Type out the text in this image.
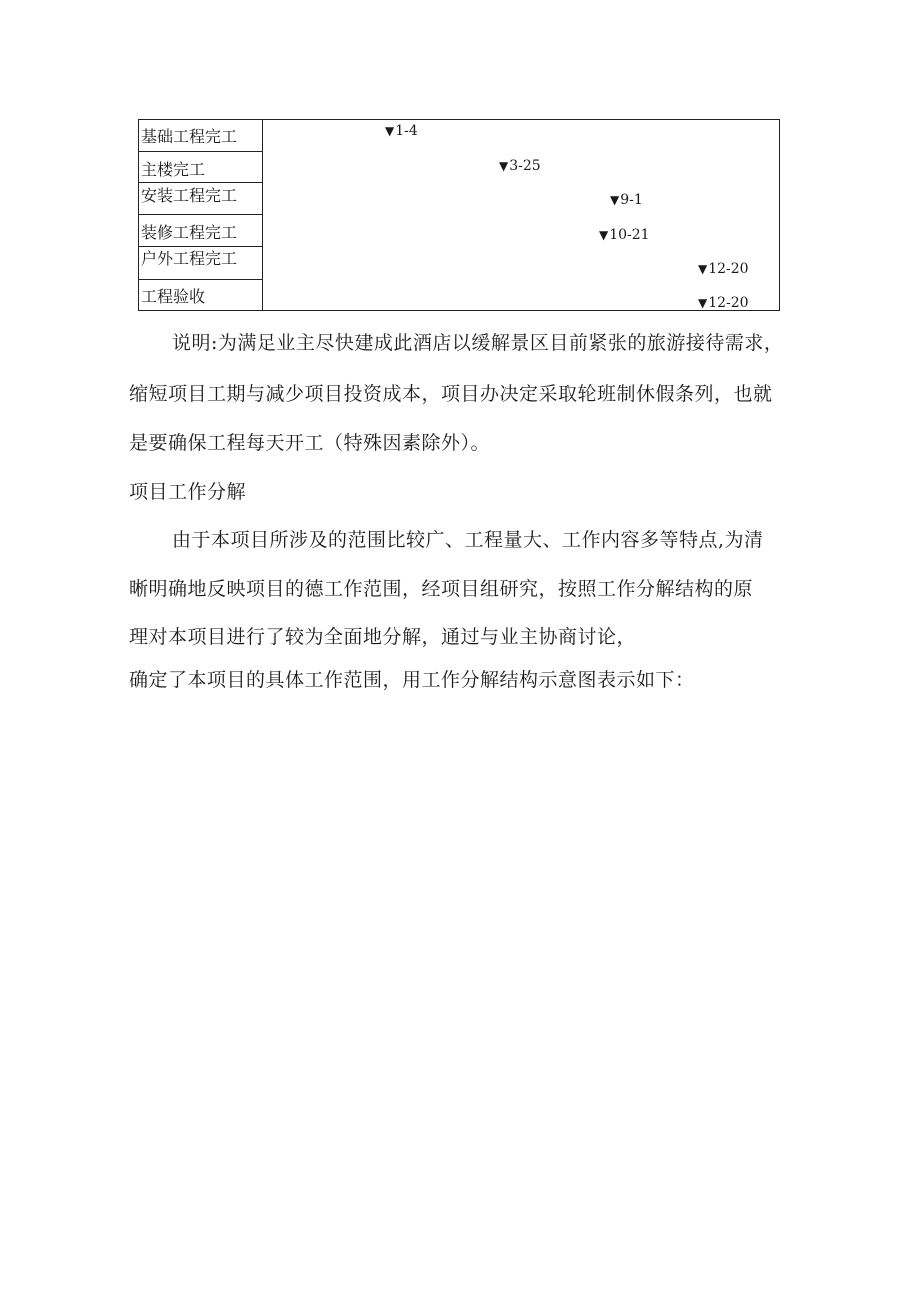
基础工程完工
主楼完工
安装工程完工
装修工程完工
户外工程完工
工程验收
▼1-4
▼3-25
▼9-1
▼10-21
▼12-20
▼12-20
说明:为满足业主尽快建成此酒店以缓解景区目前紧张的旅游接待需求，
缩短项目工期与减少项目投资成本，项目办决定采取轮班制休假条列，也就
是要确保工程每天开工（特殊因素除外）。
项目工作分解
由于本项目所涉及的范围比较广、工程量大、工作内容多等特点,为清
晰明确地反映项目的德工作范围，经项目组研究，按照工作分解结构的原
理对本项目进行了较为全面地分解，通过与业主协商讨论，
确定了本项目的具体工作范围，用工作分解结构示意图表示如下：
